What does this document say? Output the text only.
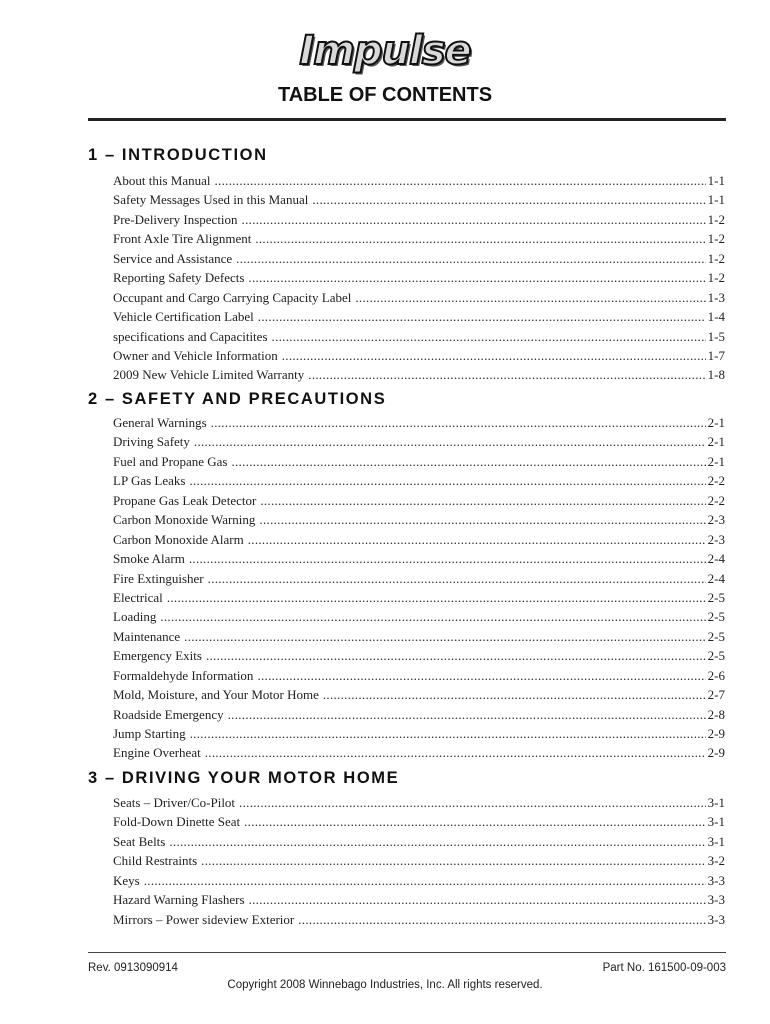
Impulse
TABLE OF CONTENTS
1 – INTRODUCTION
About this Manual .....	1-1
Safety Messages Used in this Manual .....	1-1
Pre-Delivery Inspection .....	1-2
Front Axle Tire Alignment .....	1-2
Service and Assistance .....	1-2
Reporting Safety Defects .....	1-2
Occupant and Cargo Carrying Capacity Label .....	1-3
Vehicle Certification Label .....	1-4
specifications and Capacitites .....	1-5
Owner and Vehicle Information .....	1-7
2009 New Vehicle Limited Warranty .....	1-8
2 – SAFETY AND PRECAUTIONS
General Warnings .....	2-1
Driving Safety .....	2-1
Fuel and Propane Gas .....	2-1
LP Gas Leaks .....	2-2
Propane Gas Leak Detector .....	2-2
Carbon Monoxide Warning .....	2-3
Carbon Monoxide Alarm .....	2-3
Smoke Alarm .....	2-4
Fire Extinguisher .....	2-4
Electrical .....	2-5
Loading .....	2-5
Maintenance .....	2-5
Emergency Exits .....	2-5
Formaldehyde Information .....	2-6
Mold, Moisture, and Your Motor Home .....	2-7
Roadside Emergency .....	2-8
Jump Starting .....	2-9
Engine Overheat .....	2-9
3 – DRIVING YOUR MOTOR HOME
Seats – Driver/Co-Pilot .....	3-1
Fold-Down Dinette Seat .....	3-1
Seat Belts .....	3-1
Child Restraints .....	3-2
Keys .....	3-3
Hazard Warning Flashers .....	3-3
Mirrors – Power sideview Exterior .....	3-3
Rev. 0913090914	Part No. 161500-09-003
Copyright 2008 Winnebago Industries, Inc. All rights reserved.
